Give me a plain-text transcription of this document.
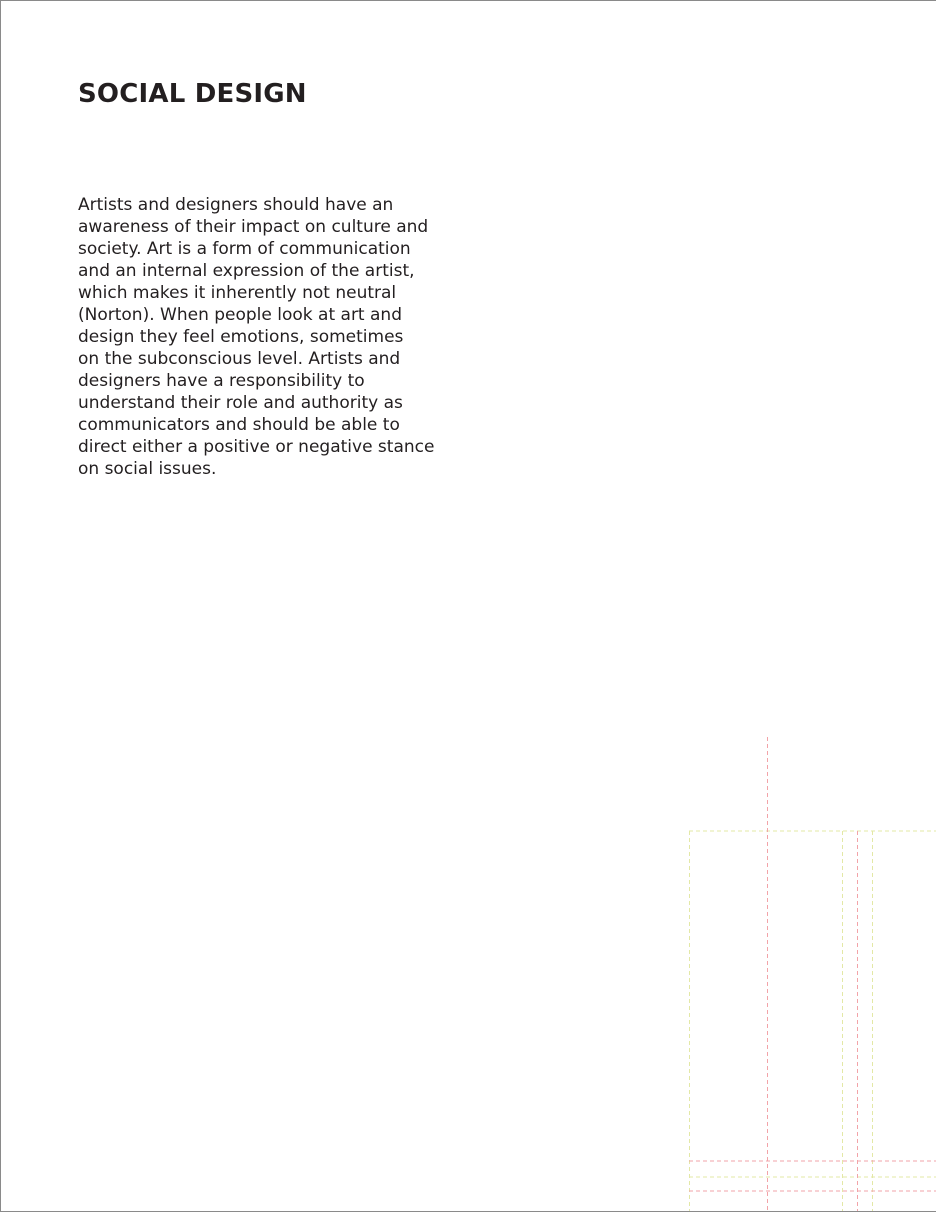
SOCIAL DESIGN
Artists and designers should have an
awareness of their impact on culture and
society. Art is a form of communication
and an internal expression of the artist,
which makes it inherently not neutral
(Norton). When people look at art and
design they feel emotions, sometimes
on the subconscious level. Artists and
designers have a responsibility to
understand their role and authority as
communicators and should be able to
direct either a positive or negative stance
on social issues.
